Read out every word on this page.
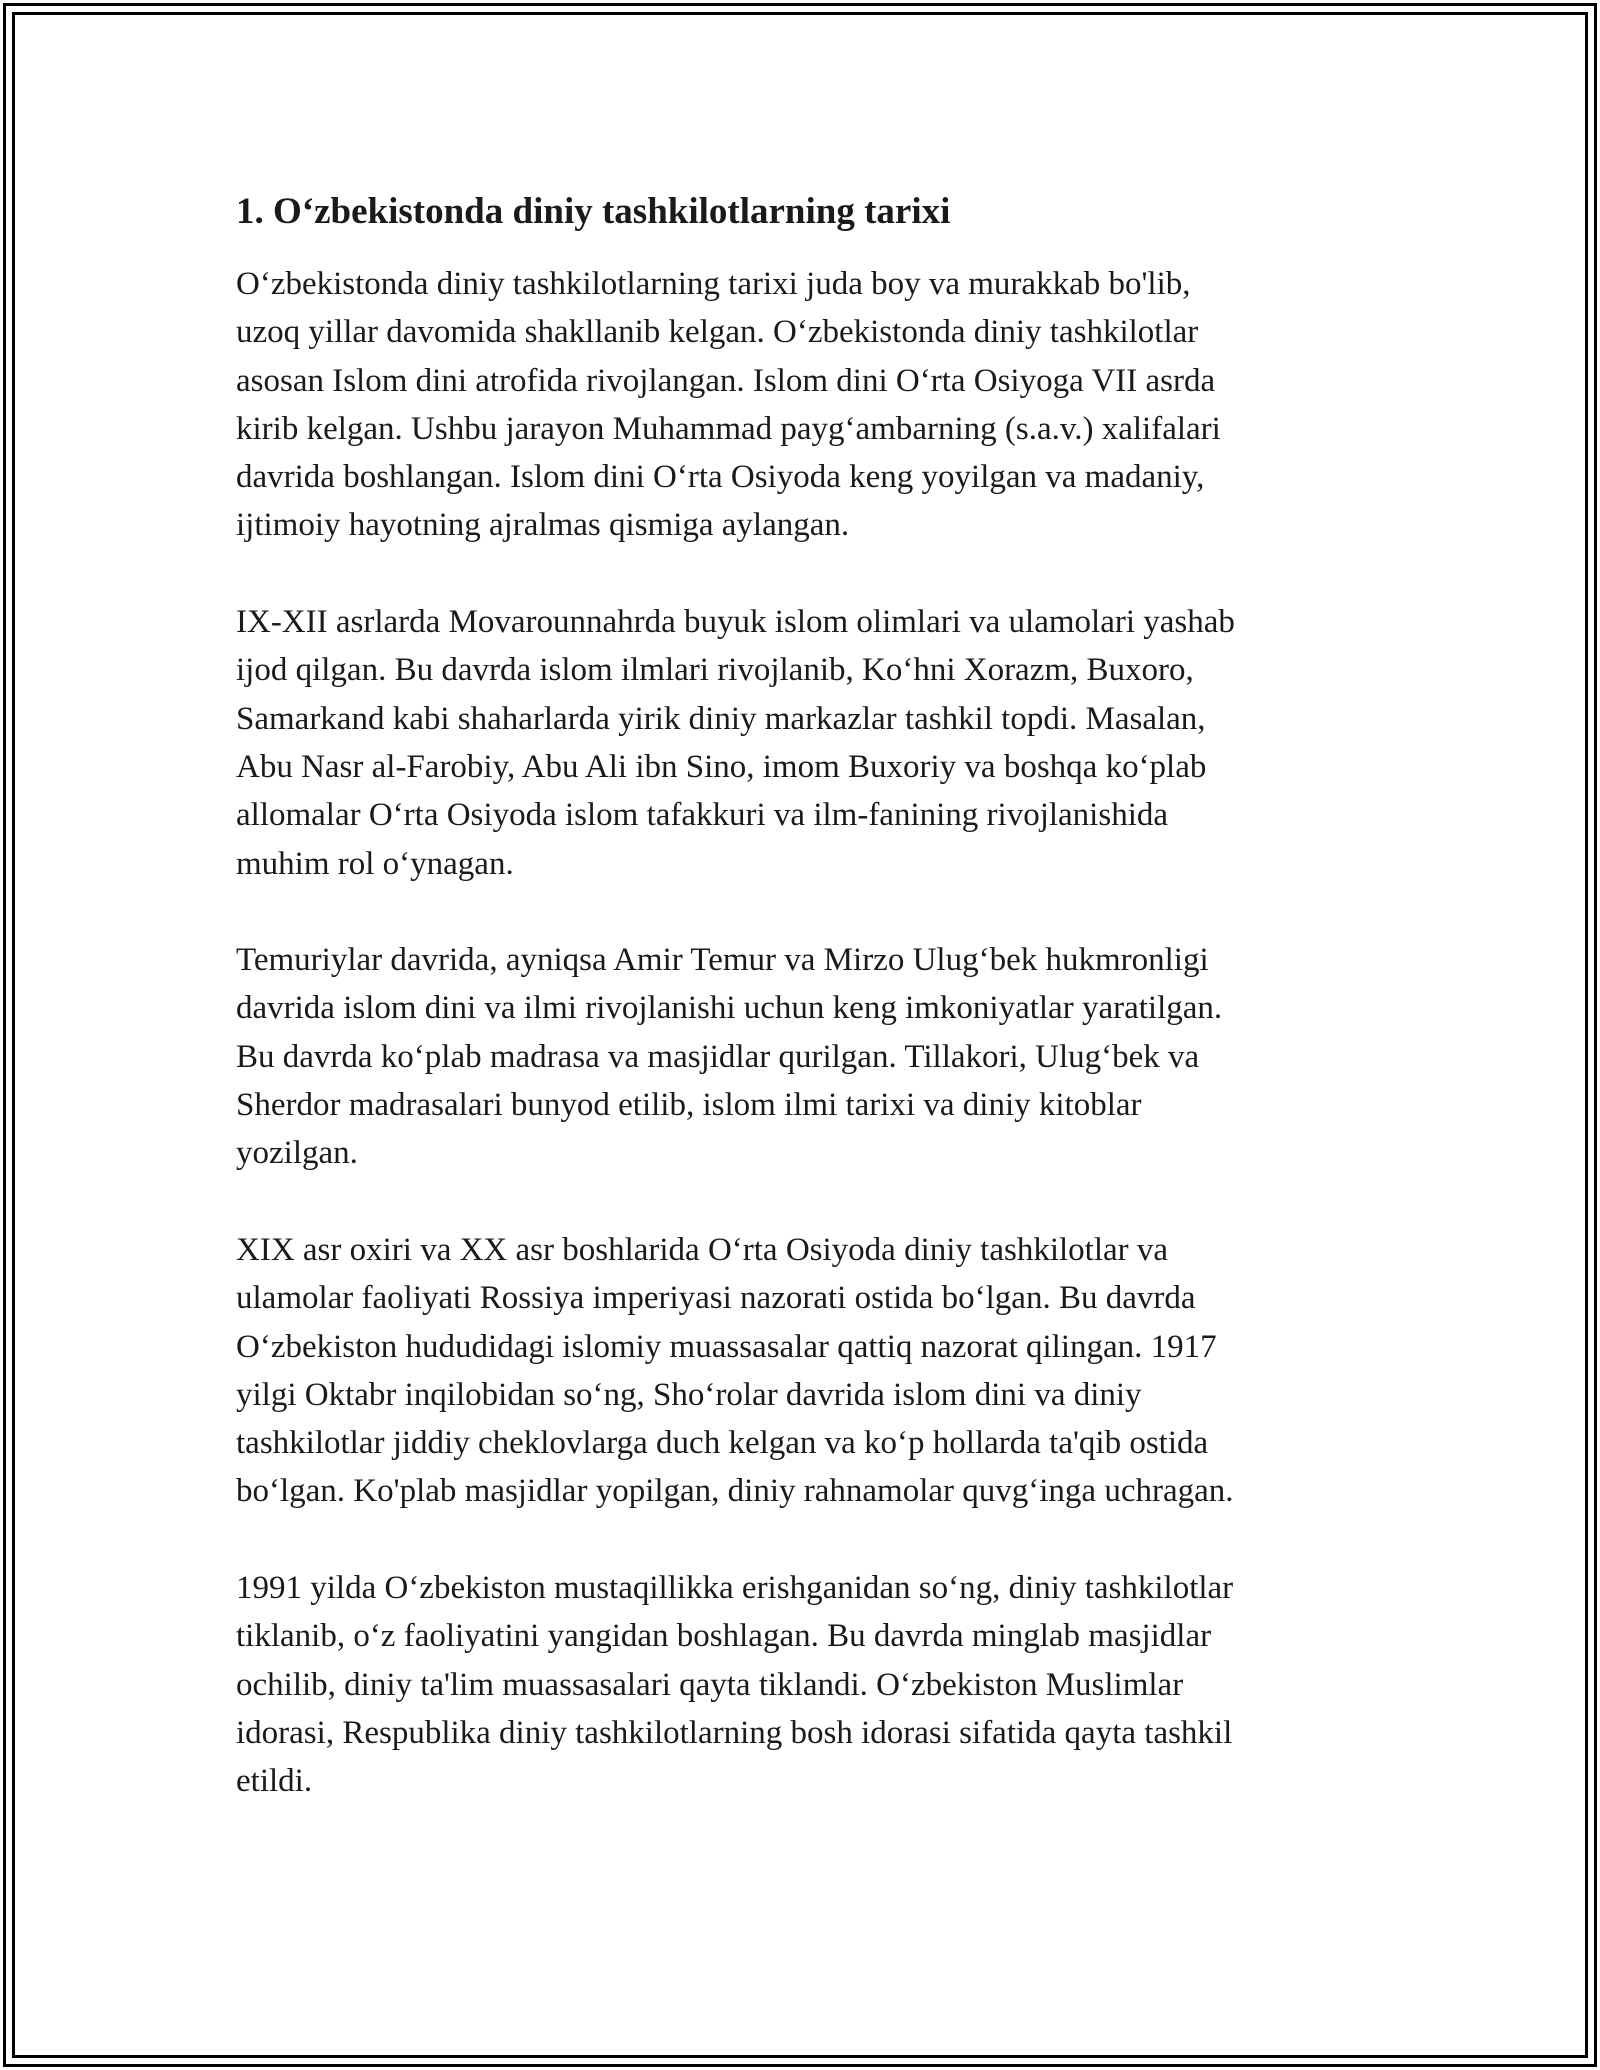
1. Oʻzbekistonda diniy tashkilotlarning tarixi
Oʻzbekistonda diniy tashkilotlarning tarixi juda boy va murakkab bo'lib,
uzoq yillar davomida shakllanib kelgan. Oʻzbekistonda diniy tashkilotlar
asosan Islom dini atrofida rivojlangan. Islom dini Oʻrta Osiyoga VII asrda
kirib kelgan. Ushbu jarayon Muhammad paygʻambarning (s.a.v.) xalifalari
davrida boshlangan. Islom dini Oʻrta Osiyoda keng yoyilgan va madaniy,
ijtimoiy hayotning ajralmas qismiga aylangan.
IX-XII asrlarda Movarounnahrda buyuk islom olimlari va ulamolari yashab
ijod qilgan. Bu davrda islom ilmlari rivojlanib, Koʻhni Xorazm, Buxoro,
Samarkand kabi shaharlarda yirik diniy markazlar tashkil topdi. Masalan,
Abu Nasr al-Farobiy, Abu Ali ibn Sino, imom Buxoriy va boshqa koʻplab
allomalar Oʻrta Osiyoda islom tafakkuri va ilm-fanining rivojlanishida
muhim rol oʻynagan.
Temuriylar davrida, ayniqsa Amir Temur va Mirzo Ulugʻbek hukmronligi
davrida islom dini va ilmi rivojlanishi uchun keng imkoniyatlar yaratilgan.
Bu davrda koʻplab madrasa va masjidlar qurilgan. Tillakori, Ulugʻbek va
Sherdor madrasalari bunyod etilib, islom ilmi tarixi va diniy kitoblar
yozilgan.
XIX asr oxiri va XX asr boshlarida Oʻrta Osiyoda diniy tashkilotlar va
ulamolar faoliyati Rossiya imperiyasi nazorati ostida boʻlgan. Bu davrda
Oʻzbekiston hududidagi islomiy muassasalar qattiq nazorat qilingan. 1917
yilgi Oktabr inqilobidan soʻng, Shoʻrolar davrida islom dini va diniy
tashkilotlar jiddiy cheklovlarga duch kelgan va koʻp hollarda ta'qib ostida
boʻlgan. Ko'plab masjidlar yopilgan, diniy rahnamolar quvgʻinga uchragan.
1991 yilda Oʻzbekiston mustaqillikka erishganidan soʻng, diniy tashkilotlar
tiklanib, oʻz faoliyatini yangidan boshlagan. Bu davrda minglab masjidlar
ochilib, diniy ta'lim muassasalari qayta tiklandi. Oʻzbekiston Muslimlar
idorasi, Respublika diniy tashkilotlarning bosh idorasi sifatida qayta tashkil
etildi.
